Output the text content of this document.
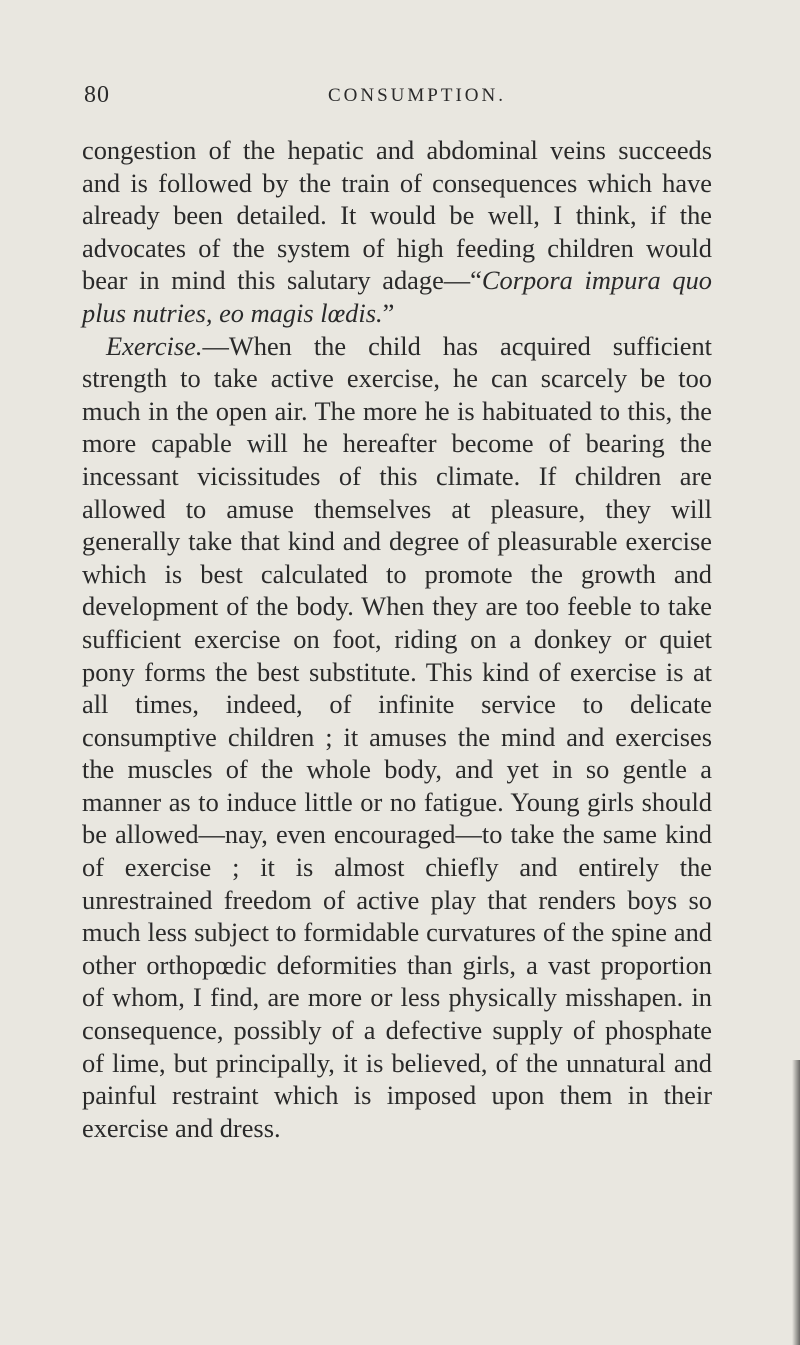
80	CONSUMPTION.

congestion of the hepatic and abdominal veins succeeds and is followed by the train of consequences which have already been detailed. It would be well, I think, if the advocates of the system of high feeding children would bear in mind this salutary adage—“Corpora impura quo plus nutries, eo magis lœdis.”

Exercise.—When the child has acquired sufficient strength to take active exercise, he can scarcely be too much in the open air. The more he is habituated to this, the more capable will he hereafter become of bearing the incessant vicissitudes of this climate. If children are allowed to amuse themselves at pleasure, they will generally take that kind and degree of pleasurable exercise which is best calculated to promote the growth and development of the body. When they are too feeble to take sufficient exercise on foot, riding on a donkey or quiet pony forms the best substitute. This kind of exercise is at all times, indeed, of infinite service to delicate consumptive children ; it amuses the mind and exercises the muscles of the whole body, and yet in so gentle a manner as to induce little or no fatigue. Young girls should be allowed—nay, even encouraged—to take the same kind of exercise ; it is almost chiefly and entirely the unrestrained freedom of active play that renders boys so much less subject to formidable curvatures of the spine and other orthopœdic deformities than girls, a vast proportion of whom, I find, are more or less physically misshapen. in consequence, possibly of a defective supply of phosphate of lime, but principally, it is believed, of the unnatural and painful restraint which is imposed upon them in their exercise and dress.
